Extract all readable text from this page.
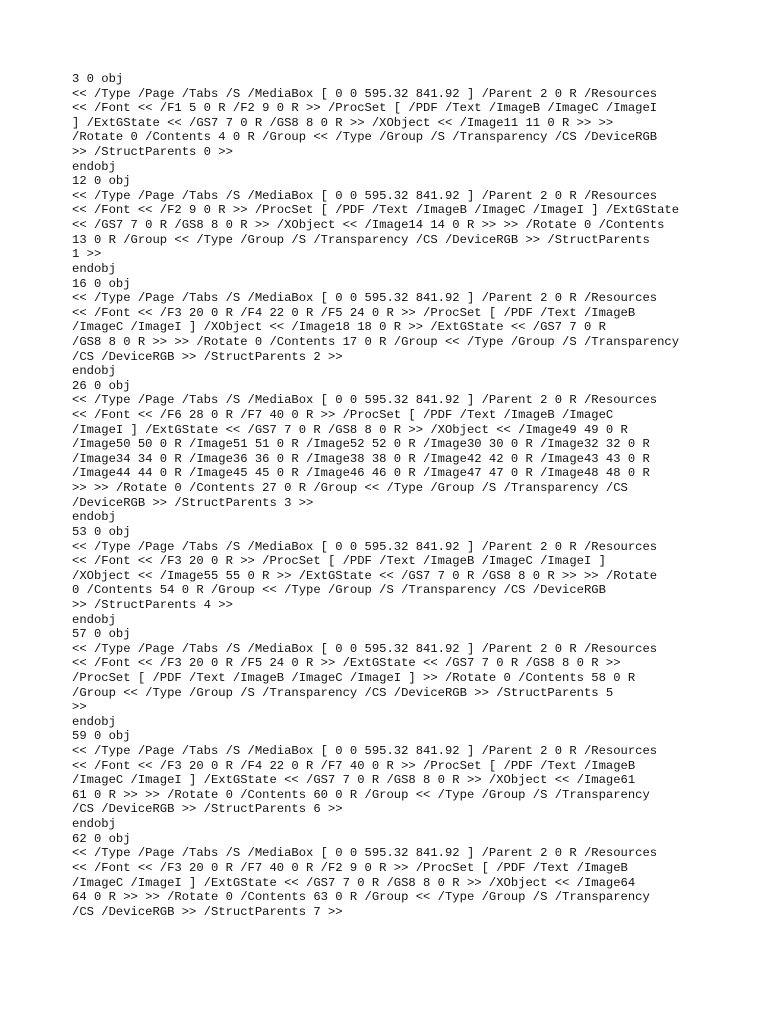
3 0 obj
<< /Type /Page /Tabs /S /MediaBox [ 0 0 595.32 841.92 ] /Parent 2 0 R /Resources
<< /Font << /F1 5 0 R /F2 9 0 R >> /ProcSet [ /PDF /Text /ImageB /ImageC /ImageI
] /ExtGState << /GS7 7 0 R /GS8 8 0 R >> /XObject << /Image11 11 0 R >> >>
/Rotate 0 /Contents 4 0 R /Group << /Type /Group /S /Transparency /CS /DeviceRGB
>> /StructParents 0 >>
endobj
12 0 obj
<< /Type /Page /Tabs /S /MediaBox [ 0 0 595.32 841.92 ] /Parent 2 0 R /Resources
<< /Font << /F2 9 0 R >> /ProcSet [ /PDF /Text /ImageB /ImageC /ImageI ] /ExtGState
<< /GS7 7 0 R /GS8 8 0 R >> /XObject << /Image14 14 0 R >> >> /Rotate 0 /Contents
13 0 R /Group << /Type /Group /S /Transparency /CS /DeviceRGB >> /StructParents
1 >>
endobj
16 0 obj
<< /Type /Page /Tabs /S /MediaBox [ 0 0 595.32 841.92 ] /Parent 2 0 R /Resources
<< /Font << /F3 20 0 R /F4 22 0 R /F5 24 0 R >> /ProcSet [ /PDF /Text /ImageB
/ImageC /ImageI ] /XObject << /Image18 18 0 R >> /ExtGState << /GS7 7 0 R
/GS8 8 0 R >> >> /Rotate 0 /Contents 17 0 R /Group << /Type /Group /S /Transparency
/CS /DeviceRGB >> /StructParents 2 >>
endobj
26 0 obj
<< /Type /Page /Tabs /S /MediaBox [ 0 0 595.32 841.92 ] /Parent 2 0 R /Resources
<< /Font << /F6 28 0 R /F7 40 0 R >> /ProcSet [ /PDF /Text /ImageB /ImageC
/ImageI ] /ExtGState << /GS7 7 0 R /GS8 8 0 R >> /XObject << /Image49 49 0 R
/Image50 50 0 R /Image51 51 0 R /Image52 52 0 R /Image30 30 0 R /Image32 32 0 R
/Image34 34 0 R /Image36 36 0 R /Image38 38 0 R /Image42 42 0 R /Image43 43 0 R
/Image44 44 0 R /Image45 45 0 R /Image46 46 0 R /Image47 47 0 R /Image48 48 0 R
>> >> /Rotate 0 /Contents 27 0 R /Group << /Type /Group /S /Transparency /CS
/DeviceRGB >> /StructParents 3 >>
endobj
53 0 obj
<< /Type /Page /Tabs /S /MediaBox [ 0 0 595.32 841.92 ] /Parent 2 0 R /Resources
<< /Font << /F3 20 0 R >> /ProcSet [ /PDF /Text /ImageB /ImageC /ImageI ]
/XObject << /Image55 55 0 R >> /ExtGState << /GS7 7 0 R /GS8 8 0 R >> >> /Rotate
0 /Contents 54 0 R /Group << /Type /Group /S /Transparency /CS /DeviceRGB
>> /StructParents 4 >>
endobj
57 0 obj
<< /Type /Page /Tabs /S /MediaBox [ 0 0 595.32 841.92 ] /Parent 2 0 R /Resources
<< /Font << /F3 20 0 R /F5 24 0 R >> /ExtGState << /GS7 7 0 R /GS8 8 0 R >>
/ProcSet [ /PDF /Text /ImageB /ImageC /ImageI ] >> /Rotate 0 /Contents 58 0 R
/Group << /Type /Group /S /Transparency /CS /DeviceRGB >> /StructParents 5
>>
endobj
59 0 obj
<< /Type /Page /Tabs /S /MediaBox [ 0 0 595.32 841.92 ] /Parent 2 0 R /Resources
<< /Font << /F3 20 0 R /F4 22 0 R /F7 40 0 R >> /ProcSet [ /PDF /Text /ImageB
/ImageC /ImageI ] /ExtGState << /GS7 7 0 R /GS8 8 0 R >> /XObject << /Image61
61 0 R >> >> /Rotate 0 /Contents 60 0 R /Group << /Type /Group /S /Transparency
/CS /DeviceRGB >> /StructParents 6 >>
endobj
62 0 obj
<< /Type /Page /Tabs /S /MediaBox [ 0 0 595.32 841.92 ] /Parent 2 0 R /Resources
<< /Font << /F3 20 0 R /F7 40 0 R /F2 9 0 R >> /ProcSet [ /PDF /Text /ImageB
/ImageC /ImageI ] /ExtGState << /GS7 7 0 R /GS8 8 0 R >> /XObject << /Image64
64 0 R >> >> /Rotate 0 /Contents 63 0 R /Group << /Type /Group /S /Transparency
/CS /DeviceRGB >> /StructParents 7 >>
